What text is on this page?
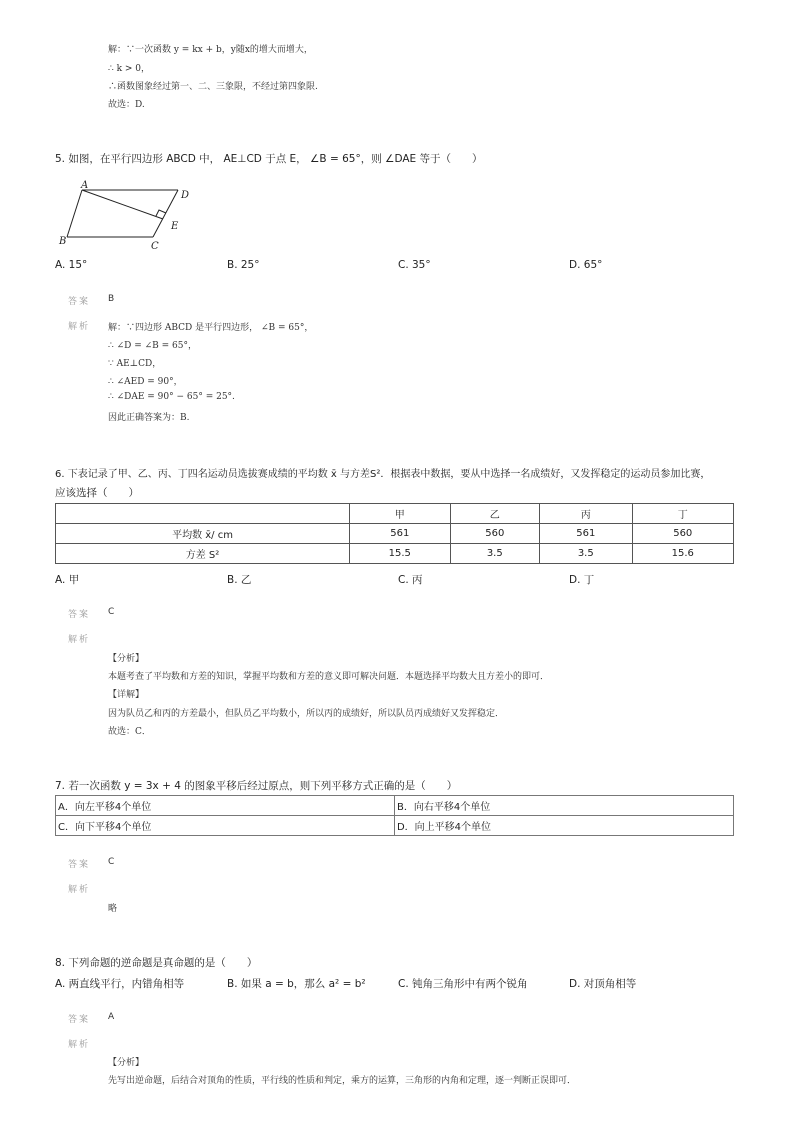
解：∵一次函数 y = kx + b，y随x的增大而增大，
∴ k > 0，
∴函数图象经过第一、二、三象限，不经过第四象限.
故选：D.
5. 如图，在平行四边形 ABCD 中， AE⊥CD 于点 E， ∠B = 65°，则 ∠DAE 等于（　　）
A
B	C
D
E
A. 15°	B. 25°	C. 35°	D. 65°
答案 B
解析 解：∵四边形 ABCD 是平行四边形， ∠B = 65°，
∴ ∠D = ∠B = 65°，
∵ AE⊥CD，
∴ ∠AED = 90°，
∴ ∠DAE = 90° − 65° = 25°.
因此正确答案为：B.
6. 下表记录了甲、乙、丙、丁四名运动员选拔赛成绩的平均数 x̄ 与方差S²．根据表中数据，要从中选择一名成绩好，又发挥稳定的运动员参加比赛，
应该选择（　　）
	甲	乙	丙	丁
平均数 x̄/ cm	561	560	561	560
方差 S²	15.5	3.5	3.5	15.6
A. 甲	B. 乙	C. 丙	D. 丁
答案 C
解析
【分析】
本题考查了平均数和方差的知识，掌握平均数和方差的意义即可解决问题．本题选择平均数大且方差小的即可．
【详解】
因为队员乙和丙的方差最小，但队员乙平均数小，所以丙的成绩好，所以队员丙成绩好又发挥稳定．
故选：C．
7. 若一次函数 y = 3x + 4 的图象平移后经过原点，则下列平移方式正确的是（　　）
A．向左平移4个单位	B．向右平移4个单位
C．向下平移4个单位	D．向上平移4个单位
答案 C
解析
略
8. 下列命题的逆命题是真命题的是（　　）
A. 两直线平行，内错角相等	B. 如果 a = b，那么 a² = b²	C. 钝角三角形中有两个锐角	D. 对顶角相等
答案 A
解析
【分析】
先写出逆命题，后结合对顶角的性质，平行线的性质和判定，乘方的运算，三角形的内角和定理，逐一判断正误即可．
